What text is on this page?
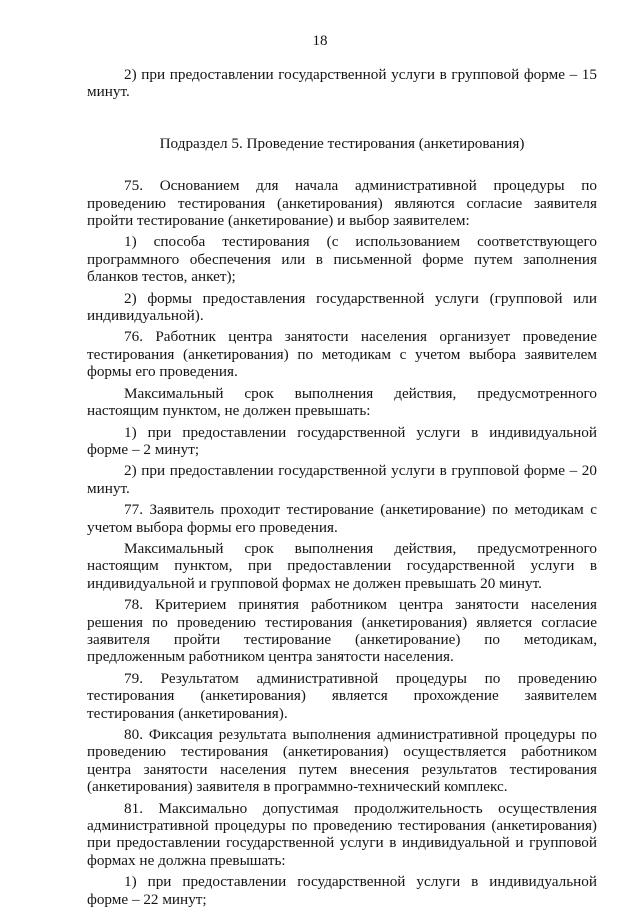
18

2) при предоставлении государственной услуги в групповой форме – 15 минут.

Подраздел 5. Проведение тестирования (анкетирования)

75. Основанием для начала административной процедуры по проведению тестирования (анкетирования) являются согласие заявителя пройти тестирование (анкетирование) и выбор заявителем:

1) способа тестирования (с использованием соответствующего программного обеспечения или в письменной форме путем заполнения бланков тестов, анкет);

2) формы предоставления государственной услуги (групповой или индивидуальной).

76. Работник центра занятости населения организует проведение тестирования (анкетирования) по методикам с учетом выбора заявителем формы его проведения.

Максимальный срок выполнения действия, предусмотренного настоящим пунктом, не должен превышать:

1) при предоставлении государственной услуги в индивидуальной форме – 2 минут;

2) при предоставлении государственной услуги в групповой форме – 20 минут.

77. Заявитель проходит тестирование (анкетирование) по методикам с учетом выбора формы его проведения.

Максимальный срок выполнения действия, предусмотренного настоящим пунктом, при предоставлении государственной услуги в индивидуальной и групповой формах не должен превышать 20 минут.

78. Критерием принятия работником центра занятости населения решения по проведению тестирования (анкетирования) является согласие заявителя пройти тестирование (анкетирование) по методикам, предложенным работником центра занятости населения.

79. Результатом административной процедуры по проведению тестирования (анкетирования) является прохождение заявителем тестирования (анкетирования).

80. Фиксация результата выполнения административной процедуры по проведению тестирования (анкетирования) осуществляется работником центра занятости населения путем внесения результатов тестирования (анкетирования) заявителя в программно-технический комплекс.

81. Максимально допустимая продолжительность осуществления административной процедуры по проведению тестирования (анкетирования) при предоставлении государственной услуги в индивидуальной и групповой формах не должна превышать:

1) при предоставлении государственной услуги в индивидуальной форме – 22 минут;
